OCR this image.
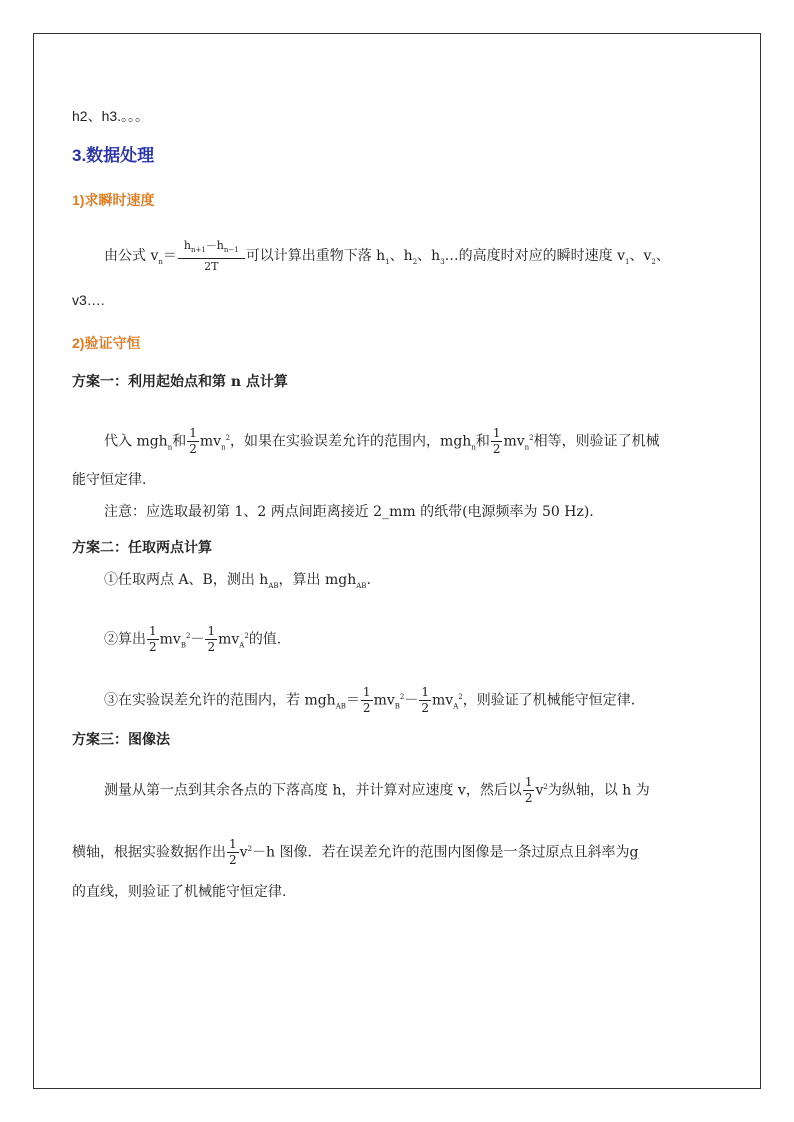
h2、h3.。。。
3.数据处理
1)求瞬时速度
由公式 $v_n= \frac{h_{n+1}-h_{n-1}}{2T}$ 可以计算出重物下落 $h_1$、$h_2$、$h_3\dots$的高度时对应的瞬时速度 $v_1$、$v_2$、
v3….
2)验证守恒
方案一：利用起始点和第 n 点计算
代入 mgh$_n$和 $\frac{1}{2} mv_n^2$，如果在实验误差允许的范围内，mgh$_n$和 $\frac{1}{2} mv_n^2$相等，则验证了机械
能守恒定律.
注意：应选取最初第 1、2 两点间距离接近 2_mm 的纸带(电源频率为 50 Hz).
方案二：任取两点计算
①任取两点 A、B，测出 $h_{AB}$，算出 mgh$_{AB}$.
②算出 $\frac{1}{2} mv_B^2- \frac{1}{2} mv_A^2$的值.
③在实验误差允许的范围内，若 $mgh_{AB}= \frac{1}{2} mv_B^2- \frac{1}{2} mv_A^2$，则验证了机械能守恒定律.
方案三：图像法
测量从第一点到其余各点的下落高度 h，并计算对应速度 v，然后以 $\frac{1}{2} v^2$为纵轴，以 h 为
横轴，根据实验数据作出 $\frac{1}{2} v^2-h$ 图像．若在误差允许的范围内图像是一条过原点且斜率为g
的直线，则验证了机械能守恒定律.
